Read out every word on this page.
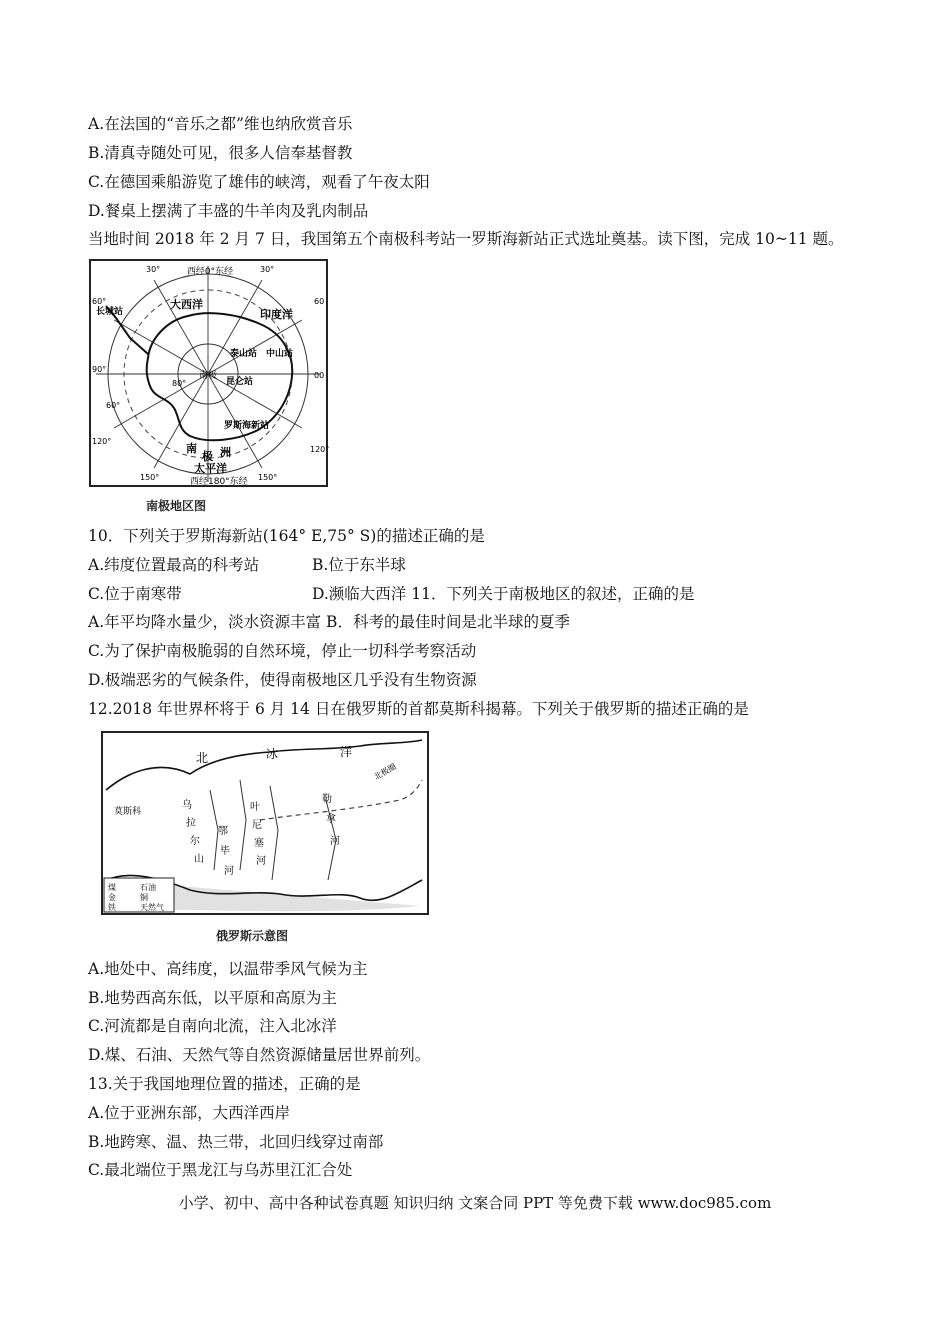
A.在法国的“音乐之都”维也纳欣赏音乐
B.清真寺随处可见，很多人信奉基督教
C.在德国乘船游览了雄伟的峡湾，观看了午夜太阳
D.餐桌上摆满了丰盛的牛羊肉及乳肉制品
当地时间 2018 年 2 月 7 日，我国第五个南极科考站一罗斯海新站正式选址奠基。读下图，完成 10~11 题。
西经0°东经
西经180°东经
南极
大西洋
印度洋
太平洋
长城站
泰山站 中山站
昆仑站
罗斯海新站
南
极 洲
30°	30°
60°	60
90°
00
60°
120°
120°
150°	150°
80°
南极地区图
10．下列关于罗斯海新站(164° E,75° S)的描述正确的是
A.纬度位置最高的科考站	B.位于东半球
C.位于南寒带	D.濒临大西洋 11．下列关于南极地区的叙述，正确的是
A.年平均降水量少，淡水资源丰富 B．科考的最佳时间是北半球的夏季
C.为了保护南极脆弱的自然环境，停止一切科学考察活动
D.极端恶劣的气候条件，使得南极地区几乎没有生物资源
12.2018 年世界杯将于 6 月 14 日在俄罗斯的首都莫斯科揭幕。下列关于俄罗斯的描述正确的是
北	冰	洋
北极圈
莫斯科
乌
拉
尔
山
叶
尼
塞
河
勒
拿
河
鄂
毕
河
煤	石油
金	铜
铁	天然气
俄罗斯示意图
A.地处中、高纬度，以温带季风气候为主
B.地势西高东低，以平原和高原为主
C.河流都是自南向北流，注入北冰洋
D.煤、石油、天然气等自然资源储量居世界前列。
13.关于我国地理位置的描述，正确的是
A.位于亚洲东部，大西洋西岸
B.地跨寒、温、热三带，北回归线穿过南部
C.最北端位于黑龙江与乌苏里江汇合处
小学、初中、高中各种试卷真题 知识归纳 文案合同 PPT 等免费下载 www.doc985.com
